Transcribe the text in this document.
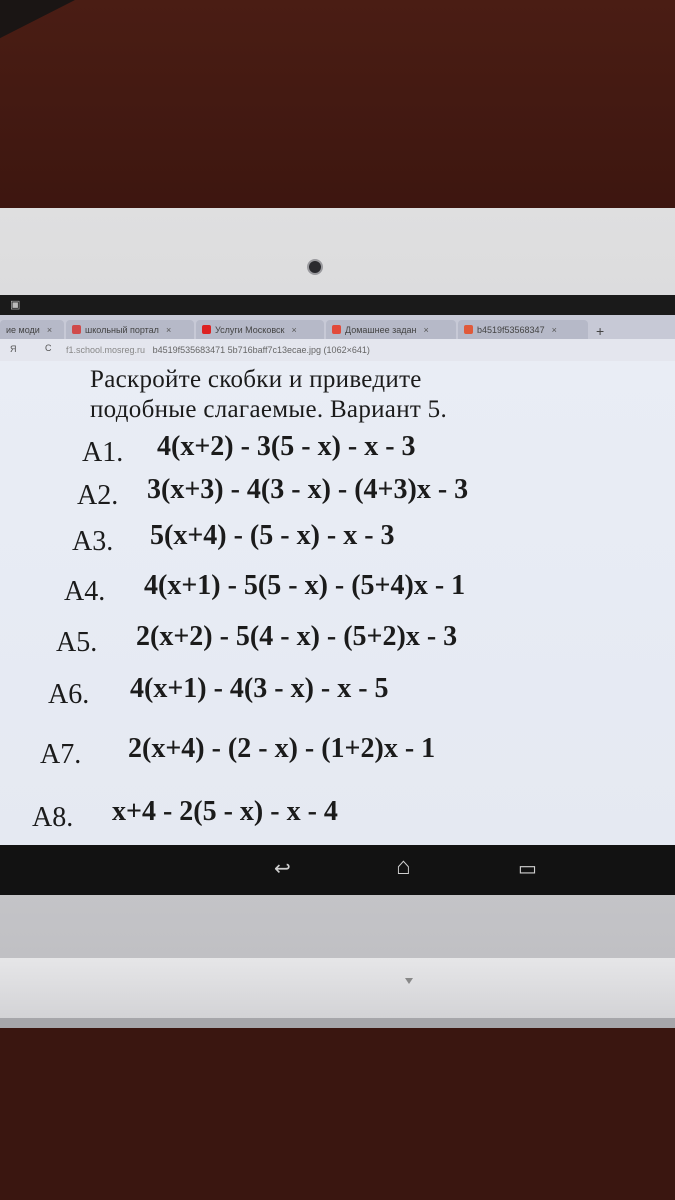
▣
ие моди ×	школьный портал ×	Услуги Московск ×	Домашнее задан ×	b4519f53568347 ×	+
Я	C f1.school.mosreg.ru b4519f535683471 5b716baff7c13ecae.jpg (1062×641)
Раскройте скобки и приведите
подобные слагаемые. Вариант 5.
А1. 4(x+2) - 3(5 - x) - x - 3
А2. 3(x+3) - 4(3 - x) - (4+3)x - 3
А3. 5(x+4) - (5 - x) - x - 3
А4. 4(x+1) - 5(5 - x) - (5+4)x - 1
А5. 2(x+2) - 5(4 - x) - (5+2)x - 3
А6. 4(x+1) - 4(3 - x) - x - 5
А7. 2(x+4) - (2 - x) - (1+2)x - 1
А8. x+4 - 2(5 - x) - x - 4
↩	⌂	▭
